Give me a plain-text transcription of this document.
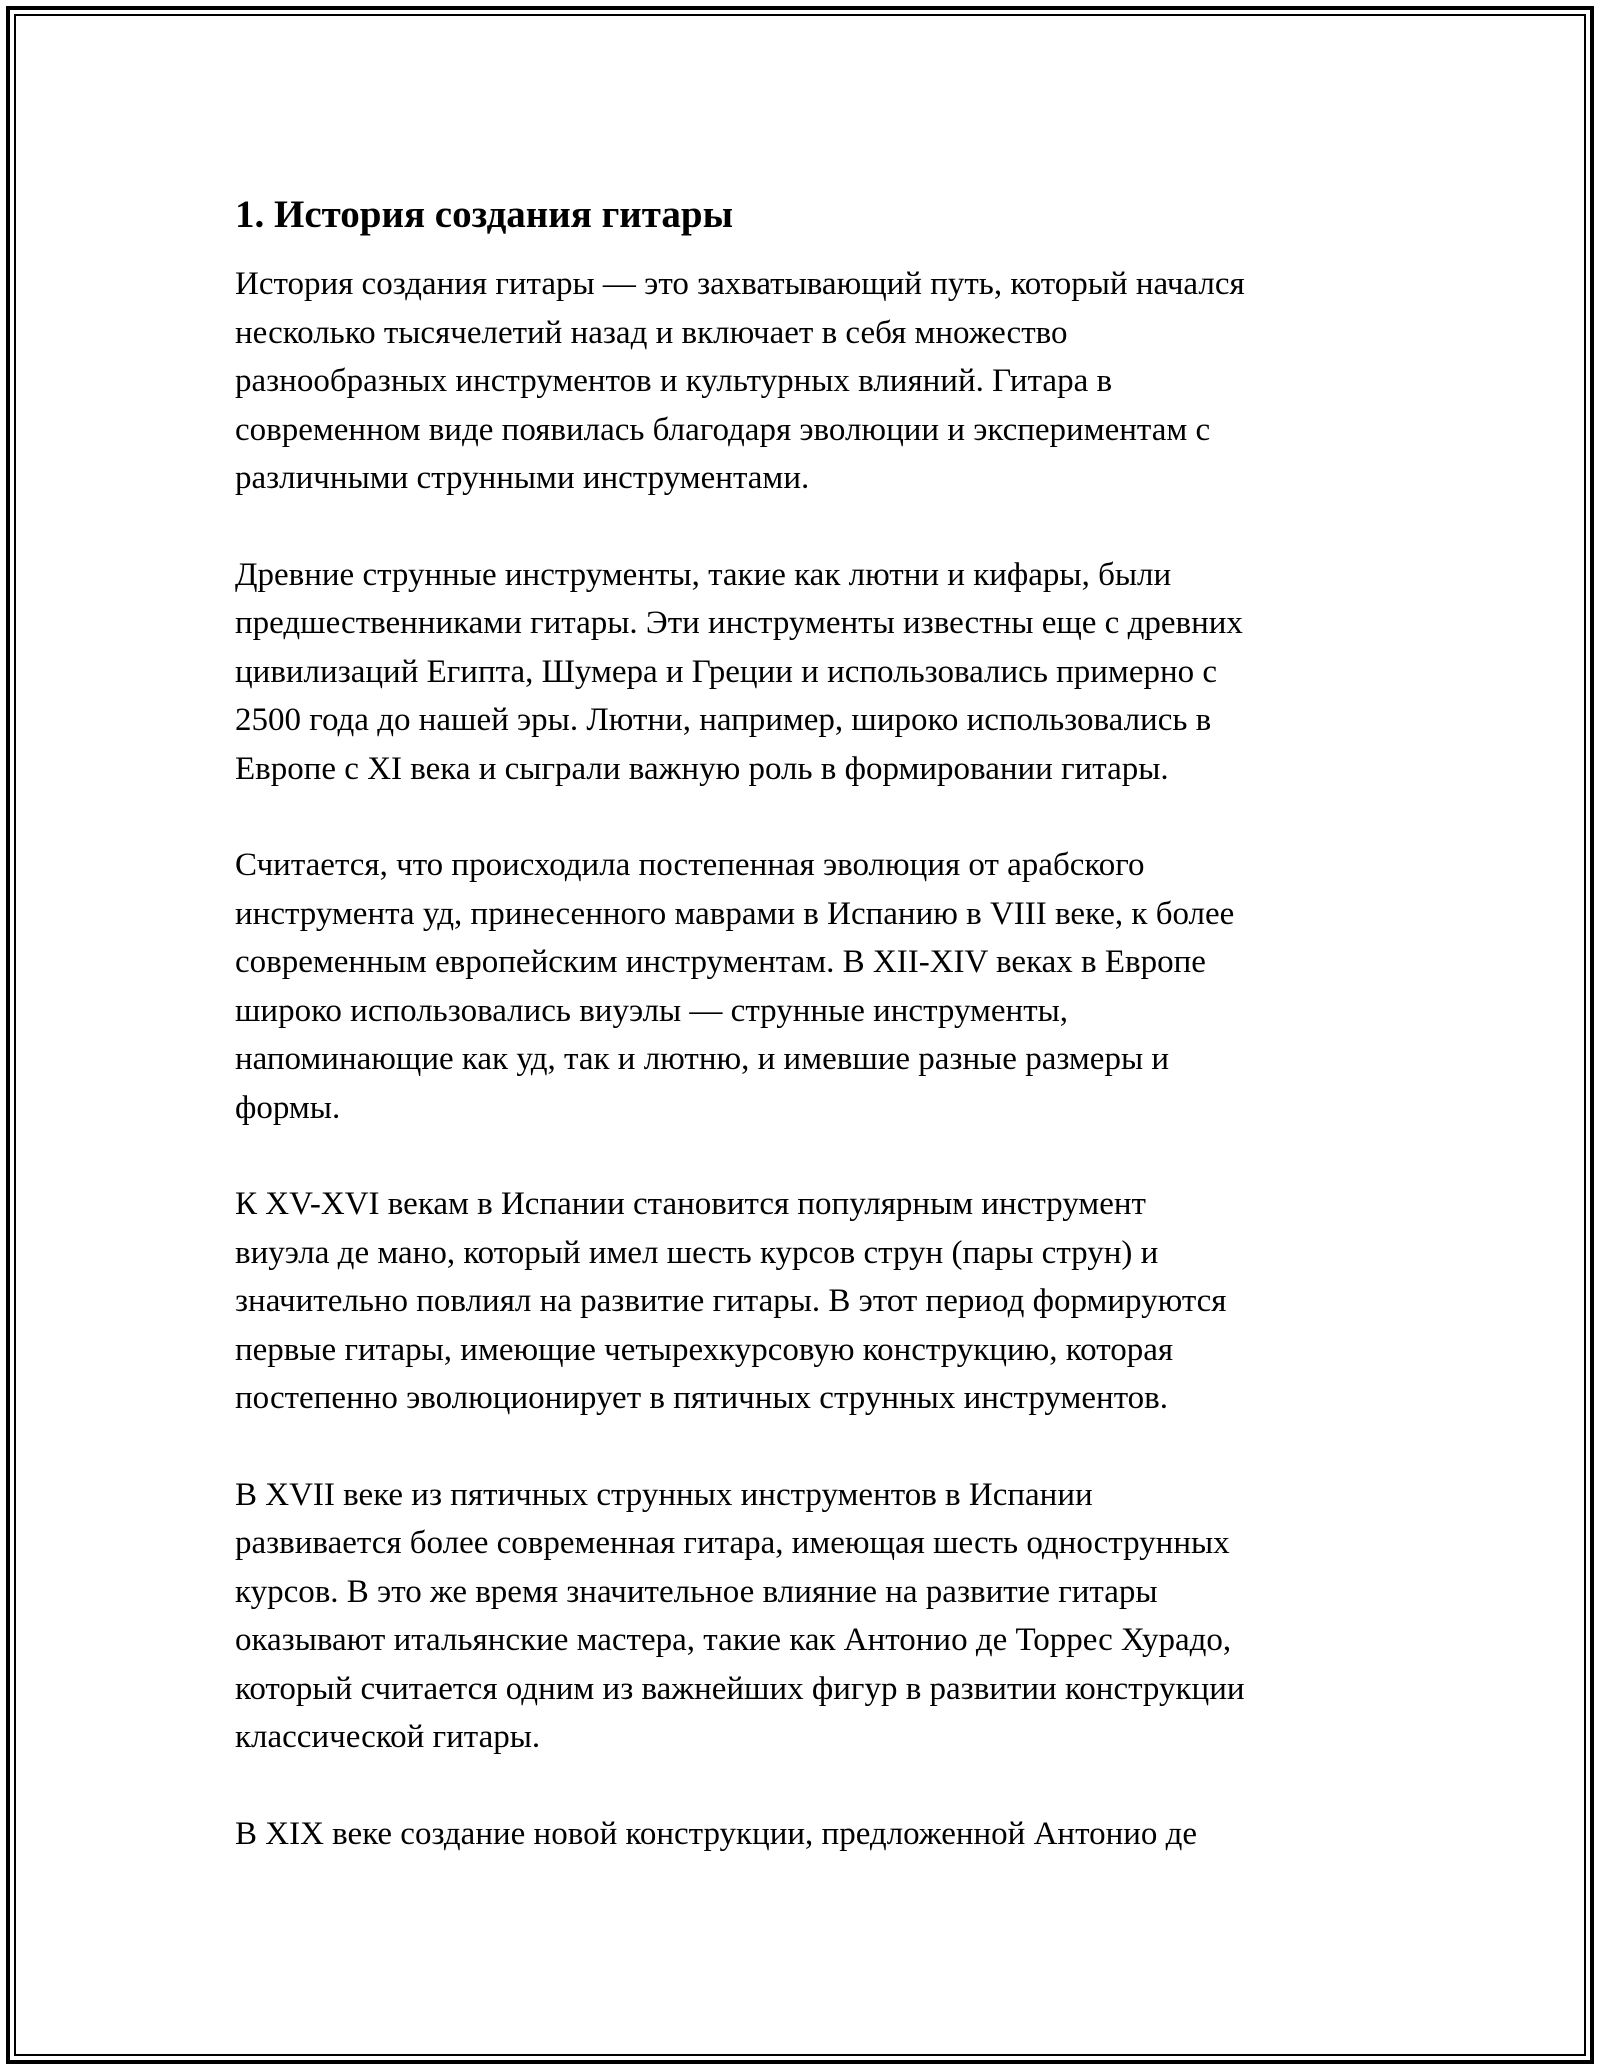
1. История создания гитары

История создания гитары — это захватывающий путь, который начался
несколько тысячелетий назад и включает в себя множество
разнообразных инструментов и культурных влияний. Гитара в
современном виде появилась благодаря эволюции и экспериментам с
различными струнными инструментами.

Древние струнные инструменты, такие как лютни и кифары, были
предшественниками гитары. Эти инструменты известны еще с древних
цивилизаций Египта, Шумера и Греции и использовались примерно с
2500 года до нашей эры. Лютни, например, широко использовались в
Европе с XI века и сыграли важную роль в формировании гитары.

Считается, что происходила постепенная эволюция от арабского
инструмента уд, принесенного маврами в Испанию в VIII веке, к более
современным европейским инструментам. В XII-XIV веках в Европе
широко использовались виуэлы — струнные инструменты,
напоминающие как уд, так и лютню, и имевшие разные размеры и
формы.

К XV-XVI векам в Испании становится популярным инструмент
виуэла де мано, который имел шесть курсов струн (пары струн) и
значительно повлиял на развитие гитары. В этот период формируются
первые гитары, имеющие четырехкурсовую конструкцию, которая
постепенно эволюционирует в пятичных струнных инструментов.

В XVII веке из пятичных струнных инструментов в Испании
развивается более современная гитара, имеющая шесть однострунных
курсов. В это же время значительное влияние на развитие гитары
оказывают итальянские мастера, такие как Антонио де Торрес Хурадо,
который считается одним из важнейших фигур в развитии конструкции
классической гитары.

В XIX веке создание новой конструкции, предложенной Антонио де
